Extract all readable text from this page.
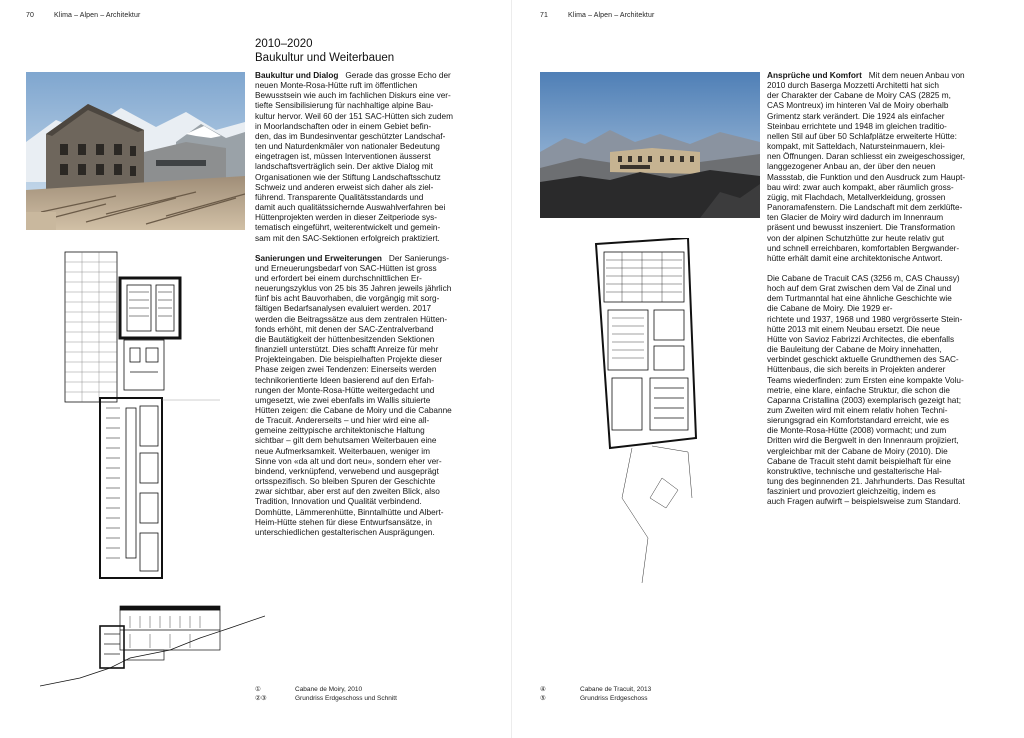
70	Klima – Alpen – Architektur
2010–2020
Baukultur und Weiterbauen

Baukultur und Dialog Gerade das grosse Echo der
neuen Monte-Rosa-Hütte ruft im öffentlichen
Bewusstsein wie auch im fachlichen Diskurs eine ver-
tiefte Sensibilisierung für nachhaltige alpine Bau-
kultur hervor. Weil 60 der 151 SAC-Hütten sich zudem
in Moorlandschaften oder in einem Gebiet befin-
den, das im Bundesinventar geschützter Landschaf-
ten und Naturdenkmäler von nationaler Bedeutung
eingetragen ist, müssen Interventionen äusserst
landschaftsverträglich sein. Der aktive Dialog mit
Organisationen wie der Stiftung Landschaftsschutz
Schweiz und anderen erweist sich daher als ziel-
führend. Transparente Qualitätsstandards und
damit auch qualitätssichernde Auswahlverfahren bei
Hüttenprojekten werden in dieser Zeitperiode sys-
tematisch eingeführt, weiterentwickelt und gemein-
sam mit den SAC-Sektionen erfolgreich praktiziert.

Sanierungen und Erweiterungen Der Sanierungs-
und Erneuerungsbedarf von SAC-Hütten ist gross
und erfordert bei einem durchschnittlichen Er-
neuerungszyklus von 25 bis 35 Jahren jeweils jährlich
fünf bis acht Bauvorhaben, die vorgängig mit sorg-
fältigen Bedarfsanalysen evaluiert werden. 2017
werden die Beitragssätze aus dem zentralen Hütten-
fonds erhöht, mit denen der SAC-Zentralverband
die Bautätigkeit der hüttenbesitzenden Sektionen
finanziell unterstützt. Dies schafft Anreize für mehr
Projekteingaben. Die beispielhaften Projekte dieser
Phase zeigen zwei Tendenzen: Einerseits werden
technikorientierte Ideen basierend auf den Erfah-
rungen der Monte-Rosa-Hütte weitergedacht und
umgesetzt, wie zwei ebenfalls im Wallis situierte
Hütten zeigen: die Cabane de Moiry und die Cabanne
de Tracuit. Andererseits – und hier wird eine all-
gemeine zeittypische architektonische Haltung
sichtbar – gilt dem behutsamen Weiterbauen eine
neue Aufmerksamkeit. Weiterbauen, weniger im
Sinne von «da alt und dort neu», sondern eher ver-
bindend, verknüpfend, verwebend und ausgeprägt
ortsspezifisch. So bleiben Spuren der Geschichte
zwar sichtbar, aber erst auf den zweiten Blick, also
Tradition, Innovation und Qualität verbindend.
Domhütte, Lämmerenhütte, Binntalhütte und Albert-
Heim-Hütte stehen für diese Entwurfsansätze, in
unterschiedlichen gestalterischen Ausprägungen.

①	Cabane de Moiry, 2010
②③	Grundriss Erdgeschoss und Schnitt
71	Klima – Alpen – Architektur

Ansprüche und Komfort Mit dem neuen Anbau von
2010 durch Baserga Mozzetti Architetti hat sich
der Charakter der Cabane de Moiry CAS (2825 m,
CAS Montreux) im hinteren Val de Moiry oberhalb
Grimentz stark verändert. Die 1924 als einfacher
Steinbau errichtete und 1948 im gleichen traditio-
nellen Stil auf über 50 Schlafplätze erweiterte Hütte:
kompakt, mit Satteldach, Natursteinmauern, klei-
nen Öffnungen. Daran schliesst ein zweigeschossiger,
langgezogener Anbau an, der über den neuen
Massstab, die Funktion und den Ausdruck zum Haupt-
bau wird: zwar auch kompakt, aber räumlich gross-
zügig, mit Flachdach, Metallverkleidung, grossen
Panoramafenstern. Die Landschaft mit dem zerklüfte-
ten Glacier de Moiry wird dadurch im Innenraum
präsent und bewusst inszeniert. Die Transformation
von der alpinen Schutzhütte zur heute relativ gut
und schnell erreichbaren, komfortablen Bergwander-
hütte erhält damit eine architektonische Antwort.

Die Cabane de Tracuit CAS (3256 m, CAS Chaussy)
hoch auf dem Grat zwischen dem Val de Zinal und
dem Turtmanntal hat eine ähnliche Geschichte wie
die Cabane de Moiry. Die 1929 er-
richtete und 1937, 1968 und 1980 vergrösserte Stein-
hütte 2013 mit einem Neubau ersetzt. Die neue
Hütte von Savioz Fabrizzi Architectes, die ebenfalls
die Bauleitung der Cabane de Moiry innehatten,
verbindet geschickt aktuelle Grundthemen des SAC-
Hüttenbaus, die sich bereits in Projekten anderer
Teams wiederfinden: zum Ersten eine kompakte Volu-
metrie, eine klare, einfache Struktur, die schon die
Capanna Cristallina (2003) exemplarisch gezeigt hat;
zum Zweiten wird mit einem relativ hohen Techni-
sierungsgrad ein Komfortstandard erreicht, wie es
die Monte-Rosa-Hütte (2008) vormacht; und zum
Dritten wird die Bergwelt in den Innenraum projiziert,
vergleichbar mit der Cabane de Moiry (2010). Die
Cabane de Tracuit steht damit beispielhaft für eine
konstruktive, technische und gestalterische Hal-
tung des beginnenden 21. Jahrhunderts. Das Resultat
fasziniert und provoziert gleichzeitig, indem es
auch Fragen aufwirft – beispielsweise zum Standard.

④	Cabane de Tracuit, 2013
⑤	Grundriss Erdgeschoss
